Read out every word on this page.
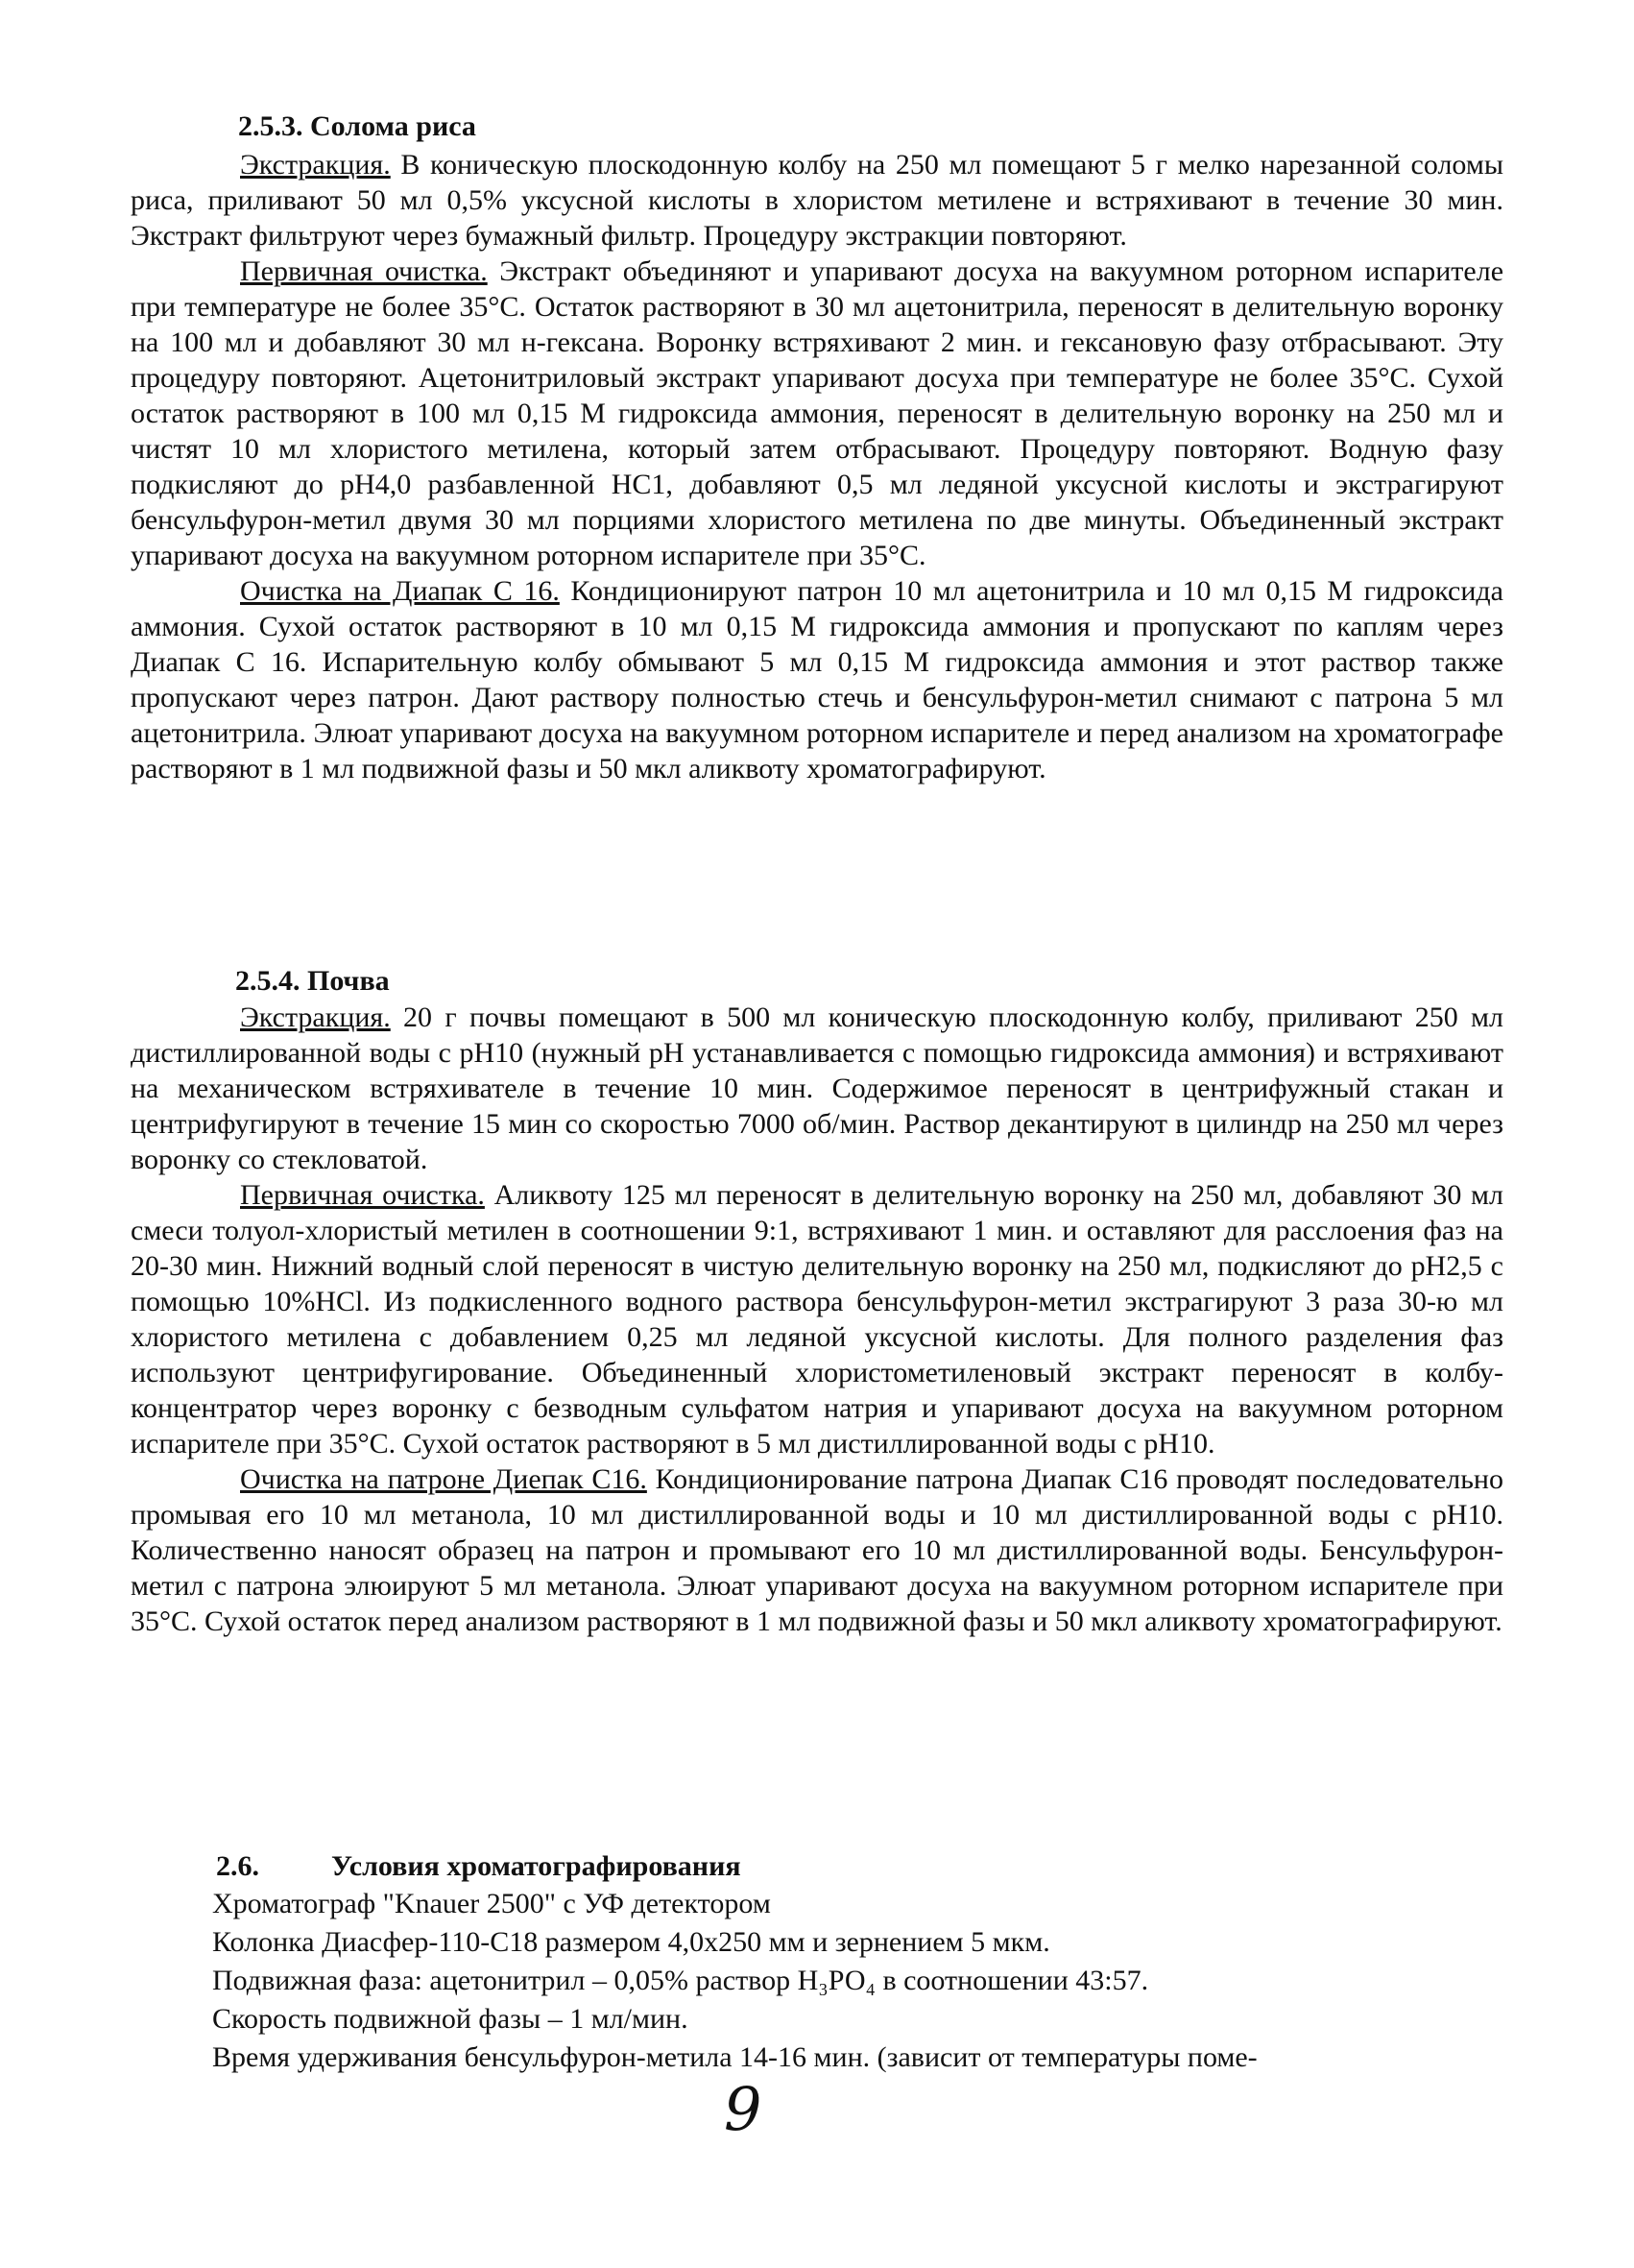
2.5.3. Солома риса

Экстракция. В коническую плоскодонную колбу на 250 мл помещают 5 г мелко нарезанной соломы риса, приливают 50 мл 0,5% уксусной кислоты в хлористом метилене и встряхивают в течение 30 мин. Экстракт фильтруют через бумажный фильтр. Процедуру экстракции повторяют.

Первичная очистка. Экстракт объединяют и упаривают досуха на вакуумном роторном испарителе при температуре не более 35°С. Остаток растворяют в 30 мл ацетонитрила, переносят в делительную воронку на 100 мл и добавляют 30 мл н-гексана. Воронку встряхивают 2 мин. и гексановую фазу отбрасывают. Эту процедуру повторяют. Ацетонитриловый экстракт упаривают досуха при температуре не более 35°С. Сухой остаток растворяют в 100 мл 0,15 М гидроксида аммония, переносят в делительную воронку на 250 мл и чистят 10 мл хлористого метилена, который затем отбрасывают. Процедуру повторяют. Водную фазу подкисляют до рН4,0 разбавленной НС1, добавляют 0,5 мл ледяной уксусной кислоты и экстрагируют бенсульфурон-метил двумя 30 мл порциями хлористого метилена по две минуты. Объединенный экстракт упаривают досуха на вакуумном роторном испарителе при 35°С.

Очистка на Диапак С 16. Кондиционируют патрон 10 мл ацетонитрила и 10 мл 0,15 М гидроксида аммония. Сухой остаток растворяют в 10 мл 0,15 М гидроксида аммония и пропускают по каплям через Диапак С 16. Испарительную колбу обмывают 5 мл 0,15 М гидроксида аммония и этот раствор также пропускают через патрон. Дают раствору полностью стечь и бенсульфурон-метил снимают с патрона 5 мл ацетонитрила. Элюат упаривают досуха на вакуумном роторном испарителе и перед анализом на хроматографе растворяют в 1 мл подвижной фазы и 50 мкл аликвоту хроматографируют.

2.5.4. Почва

Экстракция. 20 г почвы помещают в 500 мл коническую плоскодонную колбу, приливают 250 мл дистиллированной воды с рН10 (нужный рН устанавливается с помощью гидроксида аммония) и встряхивают на механическом встряхивателе в течение 10 мин. Содержимое переносят в центрифужный стакан и центрифугируют в течение 15 мин со скоростью 7000 об/мин. Раствор декантируют в цилиндр на 250 мл через воронку со стекловатой.

Первичная очистка. Аликвоту 125 мл переносят в делительную воронку на 250 мл, добавляют 30 мл смеси толуол-хлористый метилен в соотношении 9:1, встряхивают 1 мин. и оставляют для расслоения фаз на 20-30 мин. Нижний водный слой переносят в чистую делительную воронку на 250 мл, подкисляют до рН2,5 с помощью 10%НСl. Из подкисленного водного раствора бенсульфурон-метил экстрагируют 3 раза 30-ю мл хлористого метилена с добавлением 0,25 мл ледяной уксусной кислоты. Для полного разделения фаз используют центрифугирование. Объединенный хлористометиленовый экстракт переносят в колбу-концентратор через воронку с безводным сульфатом натрия и упаривают досуха на вакуумном роторном испарителе при 35°С. Сухой остаток растворяют в 5 мл дистиллированной воды с рН10.

Очистка на патроне Диепак С16. Кондиционирование патрона Диапак С16 проводят последовательно промывая его 10 мл метанола, 10 мл дистиллированной воды и 10 мл дистиллированной воды с рН10. Количественно наносят образец на патрон и промывают его 10 мл дистиллированной воды. Бенсульфурон-метил с патрона элюируют 5 мл метанола. Элюат упаривают досуха на вакуумном роторном испарителе при 35°С. Сухой остаток перед анализом растворяют в 1 мл подвижной фазы и 50 мкл аликвоту хроматографируют.

2.6.	Условия хроматографирования
Хроматограф "Knauer 2500" с УФ детектором
Колонка Диасфер-110-С18 размером 4,0х250 мм и зернением 5 мкм.
Подвижная фаза: ацетонитрил – 0,05% раствор Н₃РО₄ в соотношении 43:57.
Скорость подвижной фазы – 1 мл/мин.
Время удерживания бенсульфурон-метила 14-16 мин. (зависит от температуры поме-
9
